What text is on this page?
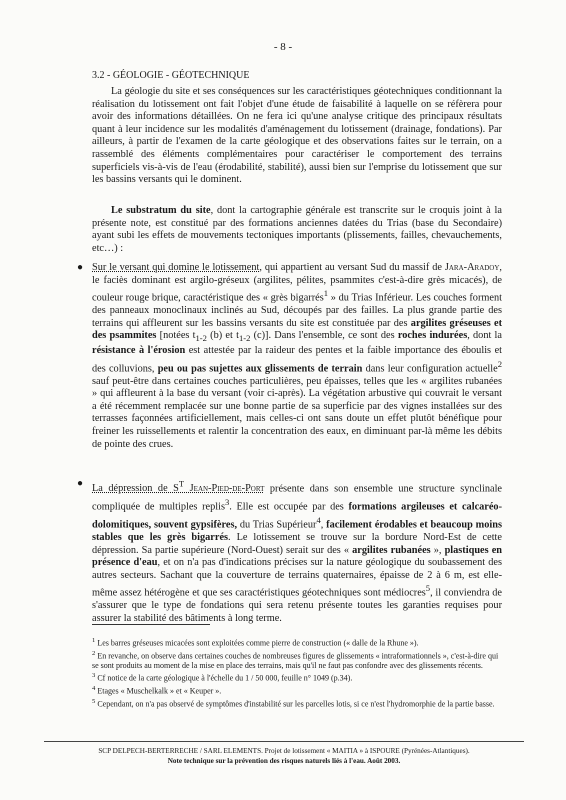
- 8 -
3.2 - GÉOLOGIE - GÉOTECHNIQUE
La géologie du site et ses conséquences sur les caractéristiques géotechniques conditionnant la réalisation du lotissement ont fait l'objet d'une étude de faisabilité à laquelle on se réfèrera pour avoir des informations détaillées. On ne fera ici qu'une analyse critique des principaux résultats quant à leur incidence sur les modalités d'aménagement du lotissement (drainage, fondations). Par ailleurs, à partir de l'examen de la carte géologique et des observations faites sur le terrain, on a rassemblé des éléments complémentaires pour caractériser le comportement des terrains superficiels vis-à-vis de l'eau (érodabilité, stabilité), aussi bien sur l'emprise du lotissement que sur les bassins versants qui le dominent.
Le substratum du site, dont la cartographie générale est transcrite sur le croquis joint à la présente note, est constitué par des formations anciennes datées du Trias (base du Secondaire) ayant subi les effets de mouvements tectoniques importants (plissements, failles, chevauchements, etc…) :
● Sur le versant qui domine le lotissement, qui appartient au versant Sud du massif de Jara-Aradoy, le faciès dominant est argilo-gréseux (argilites, pélites, psammites c'est-à-dire grès micacés), de couleur rouge brique, caractéristique des « grès bigarrés$^1$ » du Trias Inférieur. Les couches forment des panneaux monoclinaux inclinés au Sud, découpés par des failles. La plus grande partie des terrains qui affleurent sur les bassins versants du site est constituée par des argilites gréseuses et des psammites [notées $t_{1-2}$ (b) et $t_{1-2}$ (c)]. Dans l'ensemble, ce sont des roches indurées, dont la résistance à l'érosion est attestée par la raideur des pentes et la faible importance des éboulis et des colluvions, peu ou pas sujettes aux glissements de terrain dans leur configuration actuelle$^2$ sauf peut-être dans certaines couches particulières, peu épaisses, telles que les « argilites rubanées » qui affleurent à la base du versant (voir ci-après). La végétation arbustive qui couvrait le versant a été récemment remplacée sur une bonne partie de sa superficie par des vignes installées sur des terrasses façonnées artificiellement, mais celles-ci ont sans doute un effet plutôt bénéfique pour freiner les ruissellements et ralentir la concentration des eaux, en diminuant par-là même les débits de pointe des crues.
● La dépression de $S^T$ Jean-Pied-de-Port présente dans son ensemble une structure synclinale compliquée de multiples replis$^3$. Elle est occupée par des formations argileuses et calcaréo-dolomitiques, souvent gypsifères, du Trias Supérieur$^4$, facilement érodables et beaucoup moins stables que les grès bigarrés. Le lotissement se trouve sur la bordure Nord-Est de cette dépression. Sa partie supérieure (Nord-Ouest) serait sur des « argilites rubanées », plastiques en présence d'eau, et on n'a pas d'indications précises sur la nature géologique du soubassement des autres secteurs. Sachant que la couverture de terrains quaternaires, épaisse de 2 à 6 m, est elle-même assez hétérogène et que ses caractéristiques géotechniques sont médiocres$^5$, il conviendra de s'assurer que le type de fondations qui sera retenu présente toutes les garanties requises pour assurer la stabilité des bâtiments à long terme.

$^1$ Les barres gréseuses micacées sont exploitées comme pierre de construction (« dalle de la Rhune »).

$^2$ En revanche, on observe dans certaines couches de nombreuses figures de glissements « intraformationnels », c'est-à-dire qui se sont produits au moment de la mise en place des terrains, mais qu'il ne faut pas confondre avec des glissements récents.

$^3$ Cf notice de la carte géologique à l'échelle du 1 / 50 000, feuille n° 1049 (p.34).

$^4$ Etages « Muschelkalk » et « Keuper ».

$^5$ Cependant, on n'a pas observé de symptômes d'instabilité sur les parcelles lotis, si ce n'est l'hydromorphie de la partie basse.

SCP DELPECH-BERTERRECHE / SARL ELEMENTS. Projet de lotissement « MAITIA » à ISPOURE (Pyrénées-Atlantiques).
Note technique sur la prévention des risques naturels liés à l'eau. Août 2003.
